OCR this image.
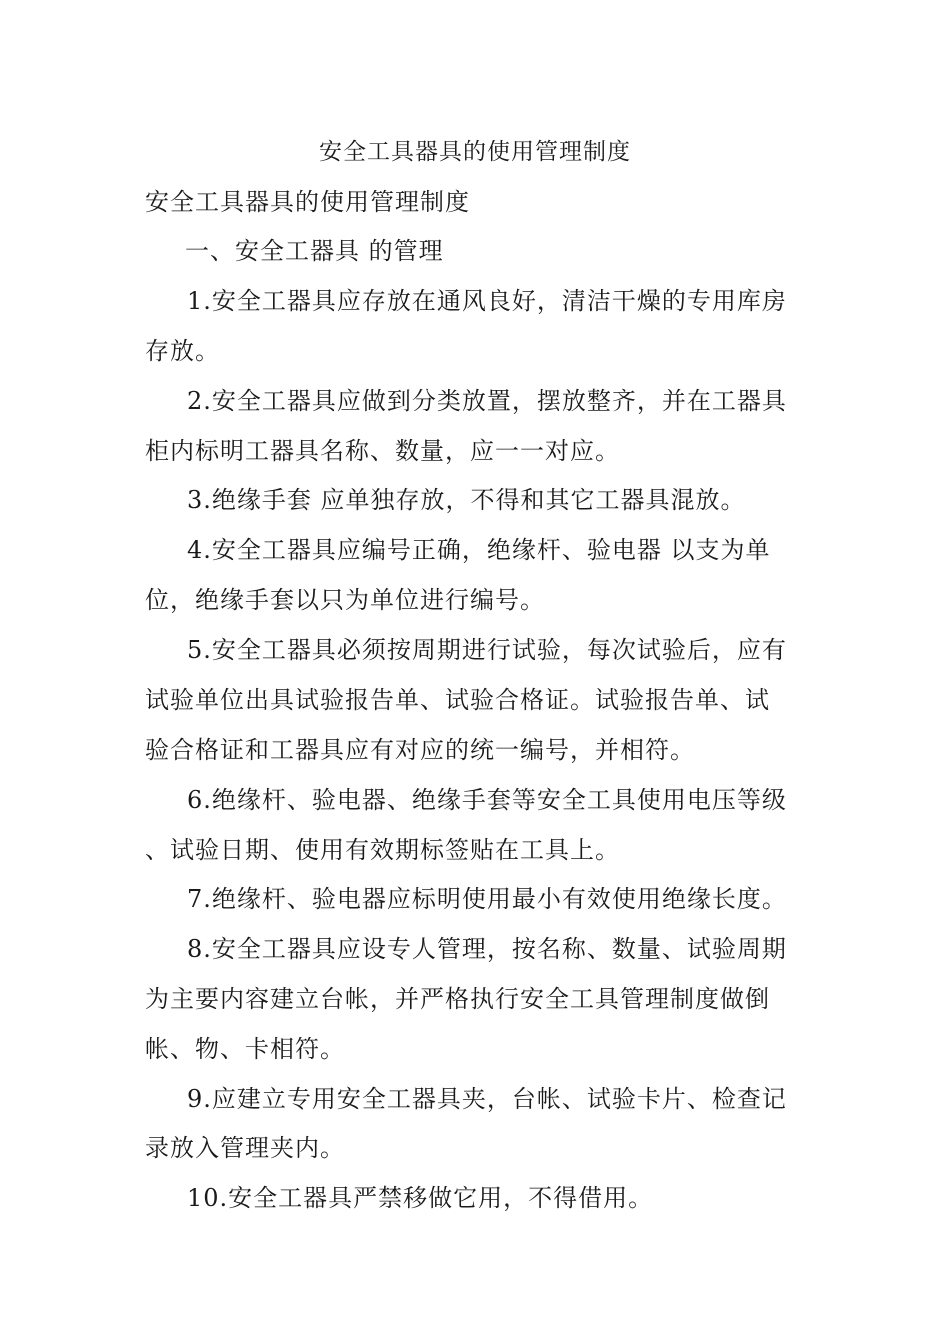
安全工具器具的使用管理制度
安全工具器具的使用管理制度
一、安全工器具 的管理
1.安全工器具应存放在通风良好，清洁干燥的专用库房
存放。
2.安全工器具应做到分类放置，摆放整齐，并在工器具
柜内标明工器具名称、数量，应一一对应。
3.绝缘手套 应单独存放，不得和其它工器具混放。
4.安全工器具应编号正确，绝缘杆、验电器 以支为单
位，绝缘手套以只为单位进行编号。
5.安全工器具必须按周期进行试验，每次试验后，应有
试验单位出具试验报告单、试验合格证。试验报告单、试
验合格证和工器具应有对应的统一编号，并相符。
6.绝缘杆、验电器、绝缘手套等安全工具使用电压等级
、试验日期、使用有效期标签贴在工具上。
7.绝缘杆、验电器应标明使用最小有效使用绝缘长度。
8.安全工器具应设专人管理，按名称、数量、试验周期
为主要内容建立台帐，并严格执行安全工具管理制度做倒
帐、物、卡相符。
9.应建立专用安全工器具夹，台帐、试验卡片、检查记
录放入管理夹内。
10.安全工器具严禁移做它用，不得借用。
